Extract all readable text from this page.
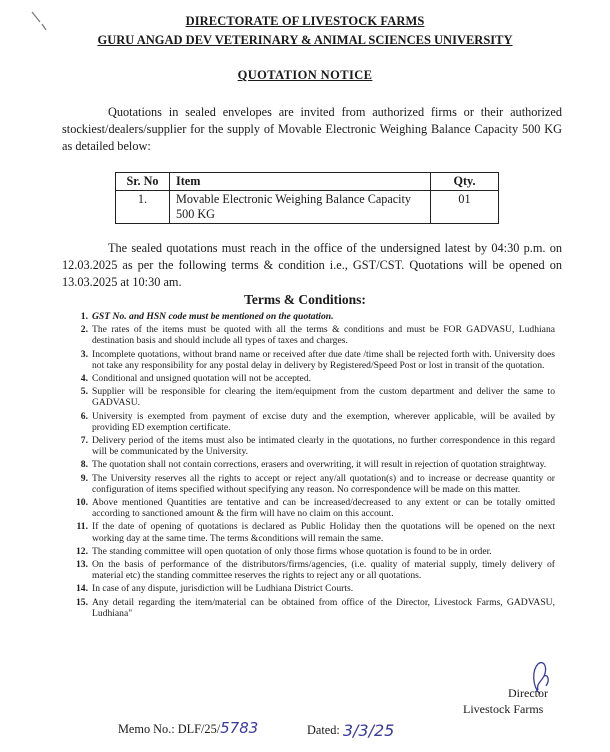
DIRECTORATE OF LIVESTOCK FARMS
GURU ANGAD DEV VETERINARY & ANIMAL SCIENCES UNIVERSITY
QUOTATION NOTICE
Quotations in sealed envelopes are invited from authorized firms or their authorized stockiest/dealers/supplier for the supply of Movable Electronic Weighing Balance Capacity 500 KG as detailed below:
Sr. No	Item	Qty.
1.	Movable Electronic Weighing Balance Capacity 500 KG	01
The sealed quotations must reach in the office of the undersigned latest by 04:30 p.m. on 12.03.2025 as per the following terms & condition i.e., GST/CST. Quotations will be opened on 13.03.2025 at 10:30 am.
Terms & Conditions:
1. GST No. and HSN code must be mentioned on the quotation.
2. The rates of the items must be quoted with all the terms & conditions and must be FOR GADVASU, Ludhiana destination basis and should include all types of taxes and charges.
3. Incomplete quotations, without brand name or received after due date /time shall be rejected forth with. University does not take any responsibility for any postal delay in delivery by Registered/Speed Post or lost in transit of the quotation.
4. Conditional and unsigned quotation will not be accepted.
5. Supplier will be responsible for clearing the item/equipment from the custom department and deliver the same to GADVASU.
6. University is exempted from payment of excise duty and the exemption, wherever applicable, will be availed by providing ED exemption certificate.
7. Delivery period of the items must also be intimated clearly in the quotations, no further correspondence in this regard will be communicated by the University.
8. The quotation shall not contain corrections, erasers and overwriting, it will result in rejection of quotation straightway.
9. The University reserves all the rights to accept or reject any/all quotation(s) and to increase or decrease quantity or configuration of items specified without specifying any reason. No correspondence will be made on this matter.
10. Above mentioned Quantities are tentative and can be increased/decreased to any extent or can be totally omitted according to sanctioned amount & the firm will have no claim on this account.
11. If the date of opening of quotations is declared as Public Holiday then the quotations will be opened on the next working day at the same time. The terms &conditions will remain the same.
12. The standing committee will open quotation of only those firms whose quotation is found to be in order.
13. On the basis of performance of the distributors/firms/agencies, (i.e. quality of material supply, timely delivery of material etc) the standing committee reserves the rights to reject any or all quotations.
14. In case of any dispute, jurisdiction will be Ludhiana District Courts.
15. Any detail regarding the item/material can be obtained from office of the Director, Livestock Farms, GADVASU, Ludhiana"
Director
Livestock Farms
Memo No.: DLF/25/5783	Dated: 3/3/25
